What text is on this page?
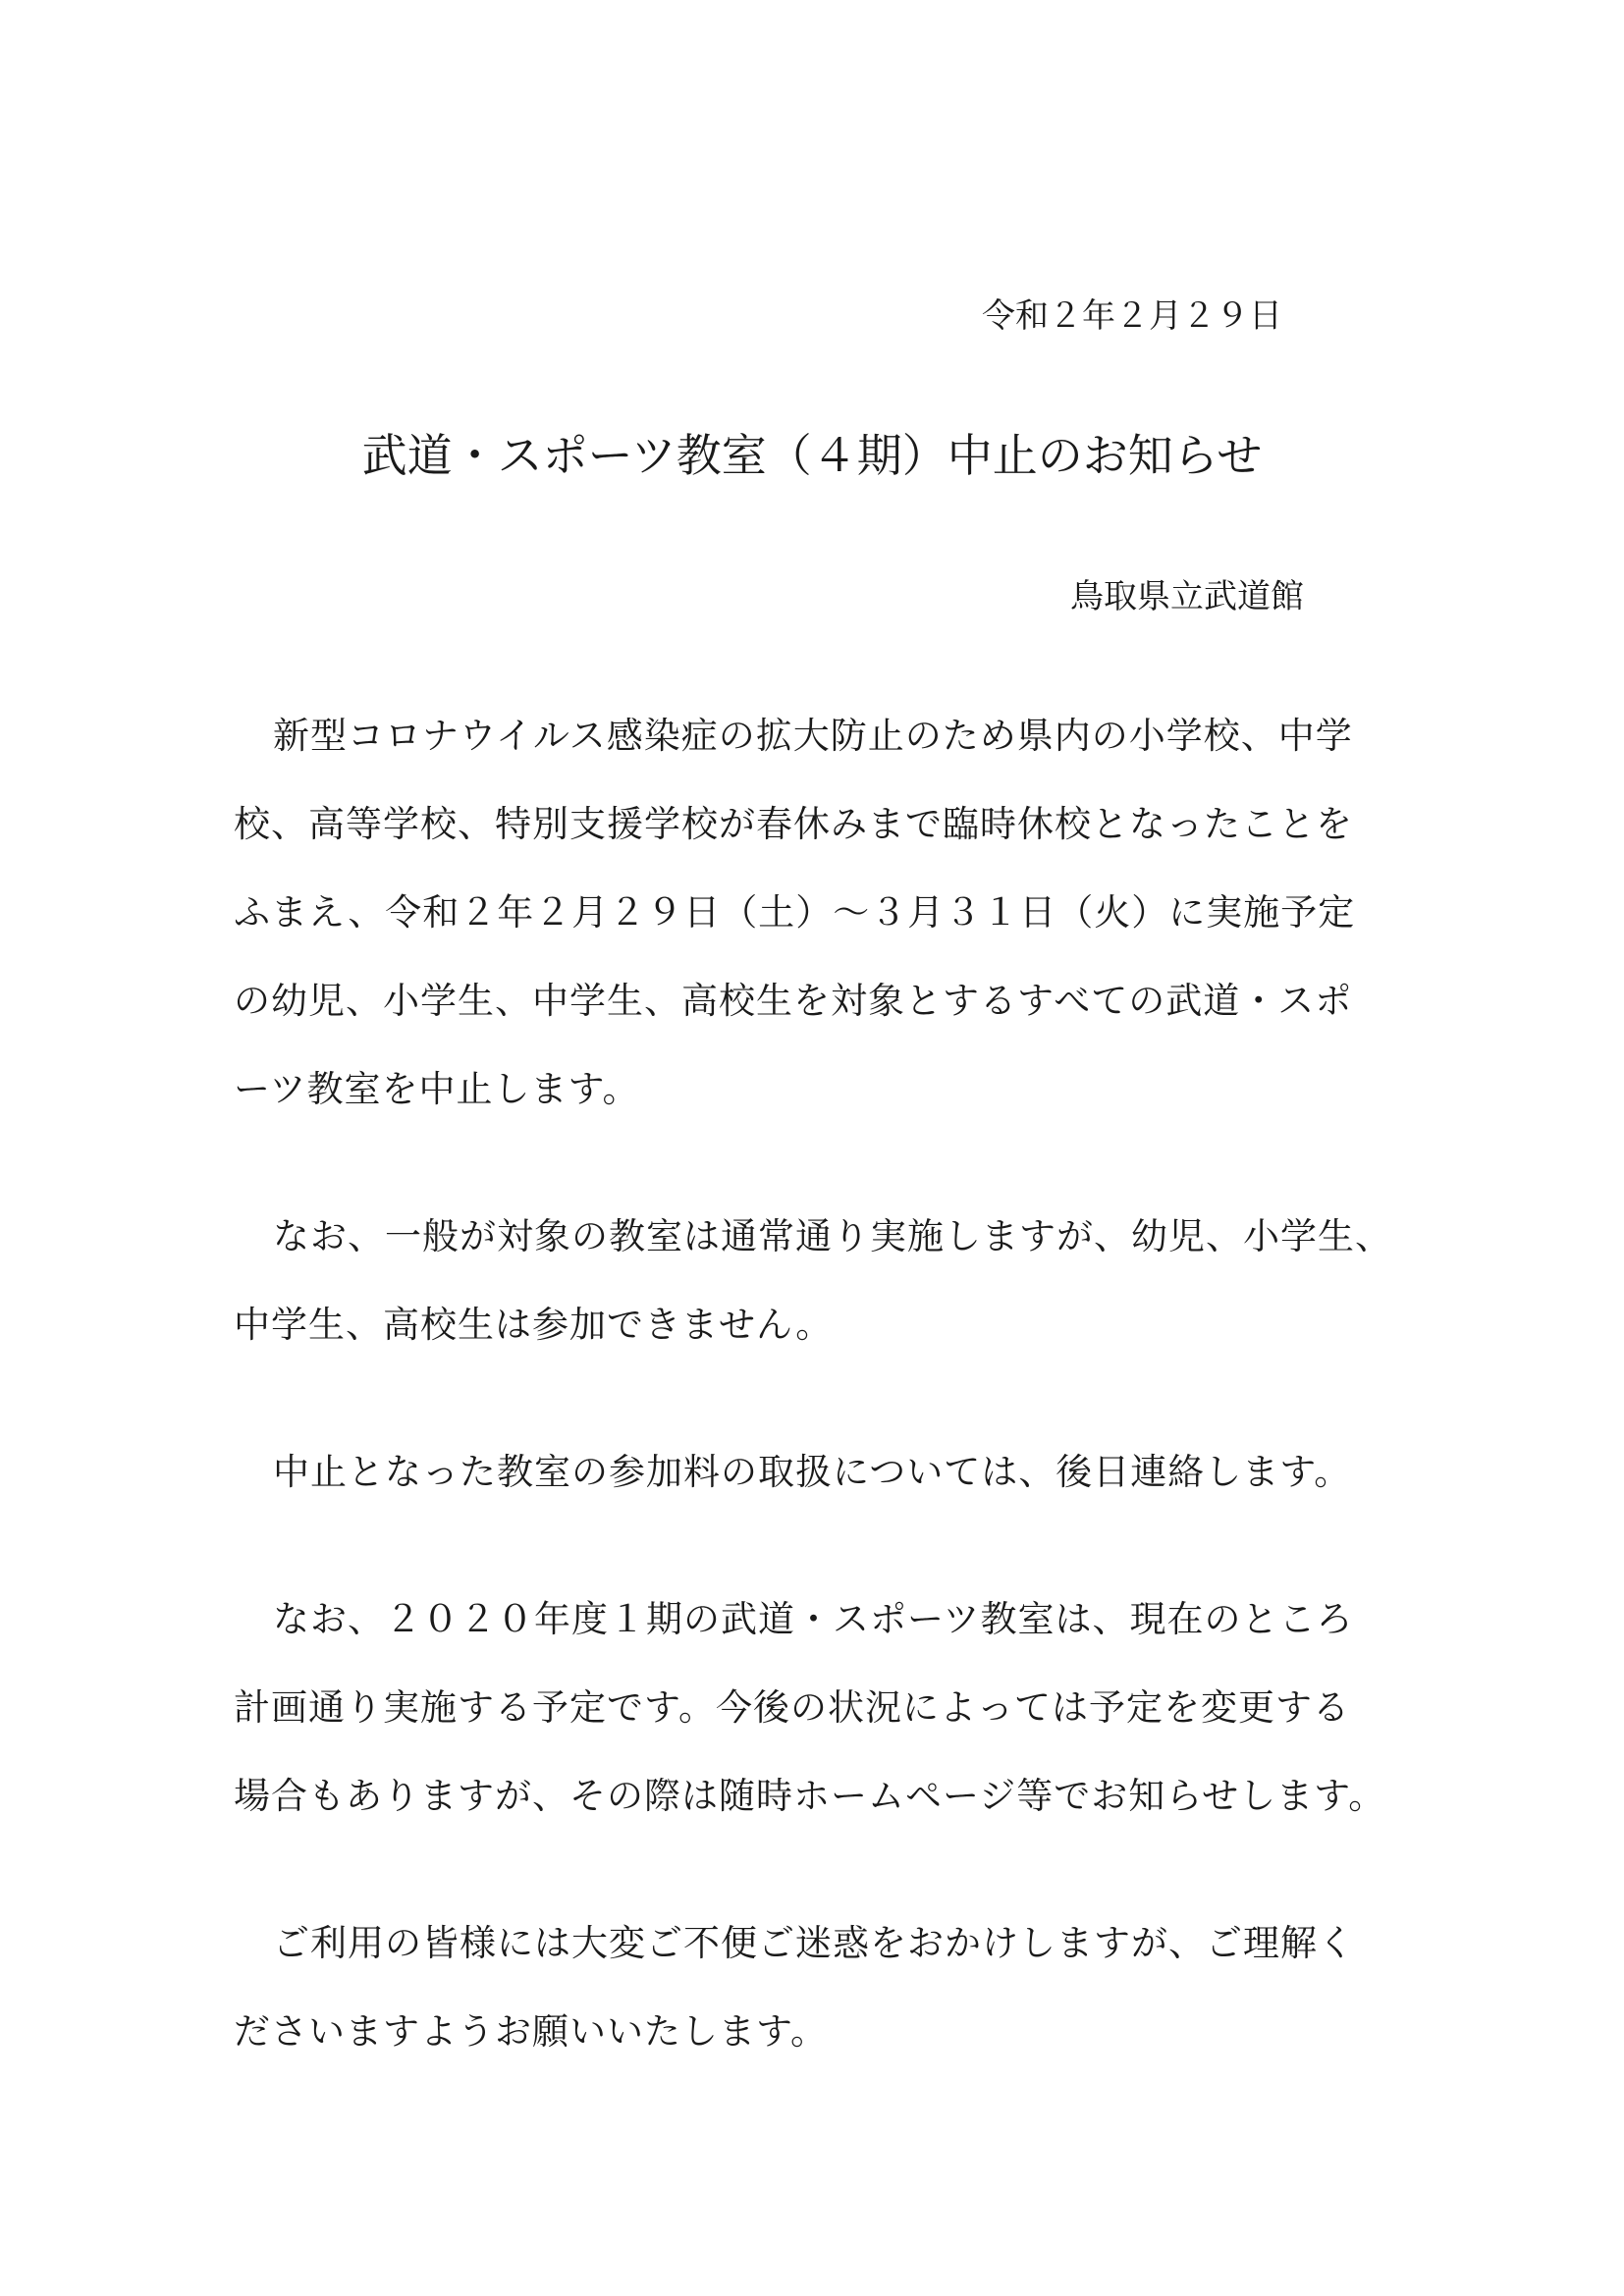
令和２年２月２９日
武道・スポーツ教室（４期）中止のお知らせ
鳥取県立武道館
新型コロナウイルス感染症の拡大防止のため県内の小学校、中学
校、高等学校、特別支援学校が春休みまで臨時休校となったことを
ふまえ、令和２年２月２９日（土）～３月３１日（火）に実施予定
の幼児、小学生、中学生、高校生を対象とするすべての武道・スポ
ーツ教室を中止します。
なお、一般が対象の教室は通常通り実施しますが、幼児、小学生、
中学生、高校生は参加できません。
中止となった教室の参加料の取扱については、後日連絡します。
なお、２０２０年度１期の武道・スポーツ教室は、現在のところ
計画通り実施する予定です。今後の状況によっては予定を変更する
場合もありますが、その際は随時ホームページ等でお知らせします。
ご利用の皆様には大変ご不便ご迷惑をおかけしますが、ご理解く
ださいますようお願いいたします。
